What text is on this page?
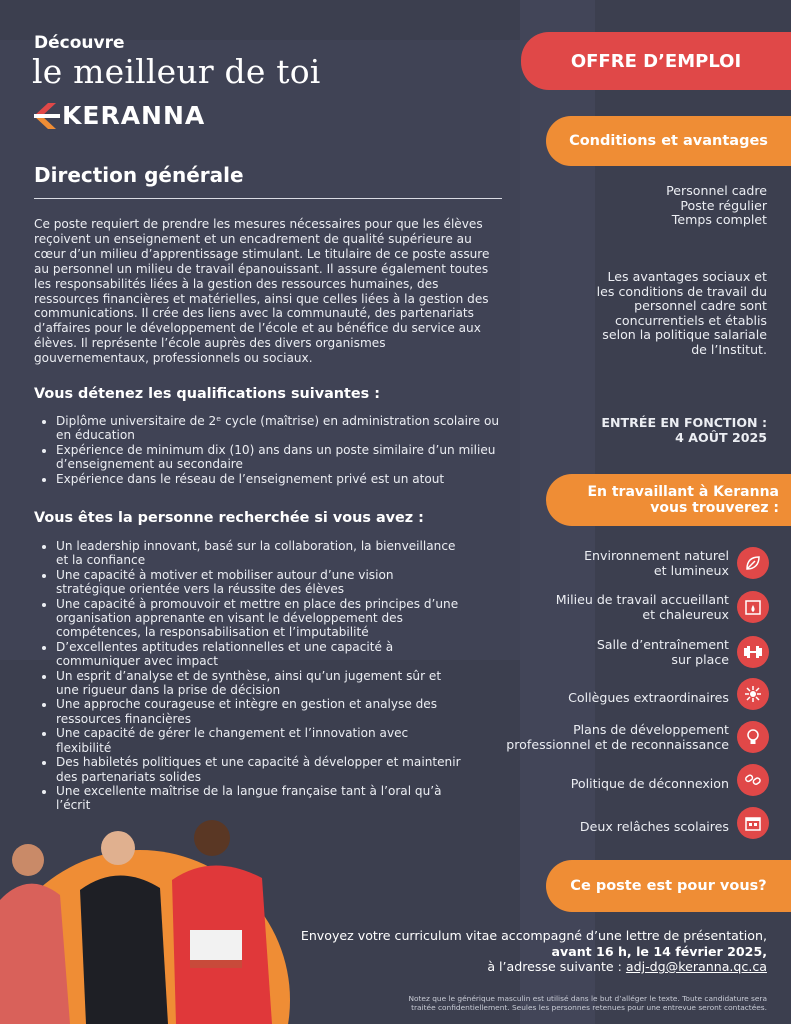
Découvre
le meilleur de toi
KERANNA
Direction générale
Ce poste requiert de prendre les mesures nécessaires pour que les élèves reçoivent un enseignement et un encadrement de qualité supérieure au cœur d’un milieu d’apprentissage stimulant. Le titulaire de ce poste assure au personnel un milieu de travail épanouissant. Il assure également toutes les responsabilités liées à la gestion des ressources humaines, des ressources financières et matérielles, ainsi que celles liées à la gestion des communications. Il crée des liens avec la communauté, des partenariats d’affaires pour le développement de l’école et au bénéfice du service aux élèves. Il représente l’école auprès des divers organismes gouvernementaux, professionnels ou sociaux.
Vous détenez les qualifications suivantes :
• Diplôme universitaire de 2ᵉ cycle (maîtrise) en administration scolaire ou en éducation
• Expérience de minimum dix (10) ans dans un poste similaire d’un milieu d’enseignement au secondaire
• Expérience dans le réseau de l’enseignement privé est un atout
Vous êtes la personne recherchée si vous avez :
• Un leadership innovant, basé sur la collaboration, la bienveillance et la confiance
• Une capacité à motiver et mobiliser autour d’une vision stratégique orientée vers la réussite des élèves
• Une capacité à promouvoir et mettre en place des principes d’une organisation apprenante en visant le développement des compétences, la responsabilisation et l’imputabilité
• D’excellentes aptitudes relationnelles et une capacité à communiquer avec impact
• Un esprit d’analyse et de synthèse, ainsi qu’un jugement sûr et une rigueur dans la prise de décision
• Une approche courageuse et intègre en gestion et analyse des ressources financières
• Une capacité de gérer le changement et l’innovation avec flexibilité
• Des habiletés politiques et une capacité à développer et maintenir des partenariats solides
• Une excellente maîtrise de la langue française tant à l’oral qu’à l’écrit
OFFRE D’EMPLOI
Conditions et avantages
Personnel cadre
Poste régulier
Temps complet
Les avantages sociaux et
les conditions de travail du
personnel cadre sont
concurrentiels et établis
selon la politique salariale
de l’Institut.
ENTRÉE EN FONCTION :
4 AOÛT 2025
En travaillant à Keranna
vous trouverez :
Environnement naturel
et lumineux
Milieu de travail accueillant
et chaleureux
Salle d’entraînement
sur place
Collègues extraordinaires
Plans de développement
professionnel et de reconnaissance
Politique de déconnexion
Deux relâches scolaires
Ce poste est pour vous?
Envoyez votre curriculum vitae accompagné d’une lettre de présentation,
avant 16 h, le 14 février 2025,
à l’adresse suivante : adj-dg@keranna.qc.ca
Notez que le générique masculin est utilisé dans le but d’alléger le texte. Toute candidature sera
traitée confidentiellement. Seules les personnes retenues pour une entrevue seront contactées.
